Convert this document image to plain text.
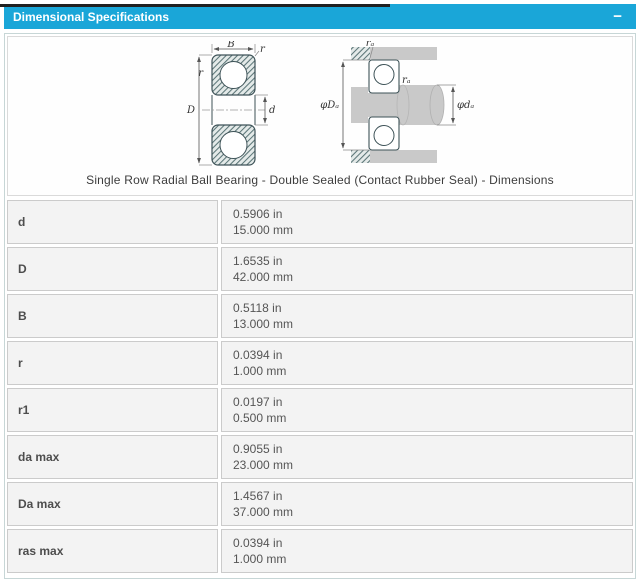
Dimensional Specifications	−
B
D	d
r
r
φDₐ	φdₐ
rₐ
rₐ
Single Row Radial Ball Bearing - Double Sealed (Contact Rubber Seal) - Dimensions
d
0.5906 in
15.000 mm
D
1.6535 in
42.000 mm
B
0.5118 in
13.000 mm
r
0.0394 in
1.000 mm
r1
0.0197 in
0.500 mm
da max
0.9055 in
23.000 mm
Da max
1.4567 in
37.000 mm
ras max
0.0394 in
1.000 mm
